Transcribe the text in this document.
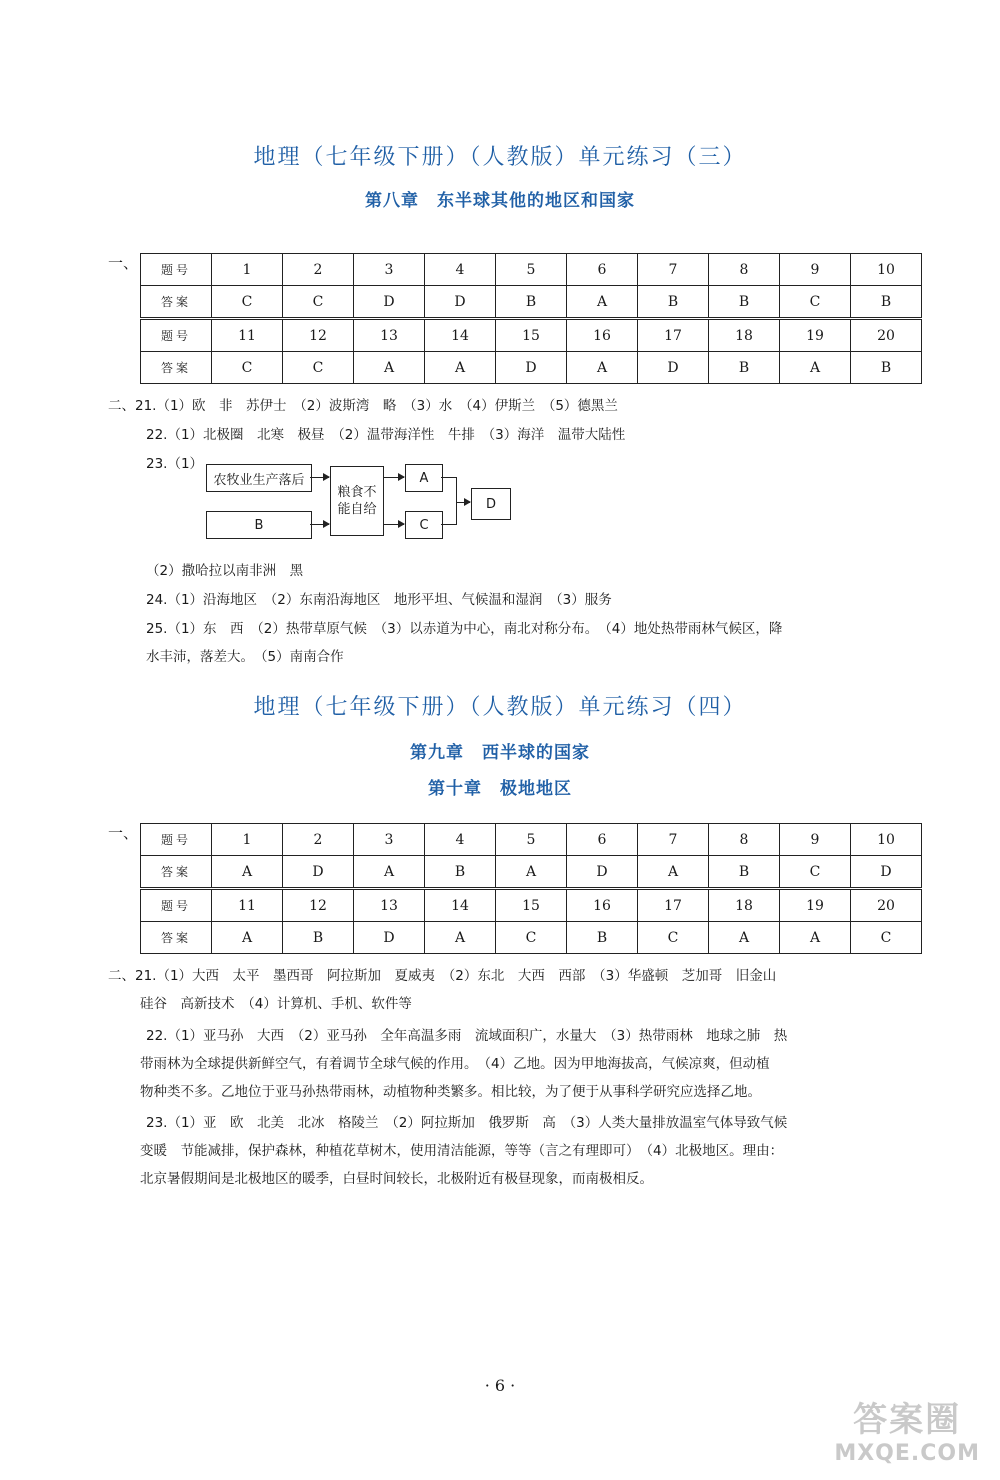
地理（七年级下册）（人教版）单元练习（三）
第八章　东半球其他的地区和国家
一、 题号	1	2	3	4	5	6	7	8	9	10
答案	C	C	D	D	B	A	B	B	C	B
题号	11	12	13	14	15	16	17	18	19	20
答案	C	C	A	A	D	A	D	B	A	B
二、21.（1）欧　非　苏伊士　（2）波斯湾　略　（3）水　（4）伊斯兰　（5）德黑兰
22.（1）北极圈　北寒　极昼　（2）温带海洋性　牛排　（3）海洋　温带大陆性
23.（1）
农牧业生产落后
B
粮食不能自给
A
C
D
（2）撒哈拉以南非洲　黑
24.（1）沿海地区　（2）东南沿海地区　地形平坦、气候温和湿润　（3）服务
25.（1）东　西　（2）热带草原气候　（3）以赤道为中心，南北对称分布。　（4）地处热带雨林气候区，降
水丰沛，落差大。　（5）南南合作
地理（七年级下册）（人教版）单元练习（四）
第九章　西半球的国家
第十章　极地地区
一、 题号	1	2	3	4	5	6	7	8	9	10
答案	A	D	A	B	A	D	A	B	C	D
题号	11	12	13	14	15	16	17	18	19	20
答案	A	B	D	A	C	B	C	A	A	C
二、21.（1）大西　太平　墨西哥　阿拉斯加　夏威夷　（2）东北　大西　西部　（3）华盛顿　芝加哥　旧金山
硅谷　高新技术　（4）计算机、手机、软件等
22.（1）亚马孙　大西　（2）亚马孙　全年高温多雨　流域面积广，水量大　（3）热带雨林　地球之肺　热
带雨林为全球提供新鲜空气，有着调节全球气候的作用。　（4）乙地。因为甲地海拔高，气候凉爽，但动植
物种类不多。乙地位于亚马孙热带雨林，动植物种类繁多。相比较，为了便于从事科学研究应选择乙地。
23.（1）亚　欧　北美　北冰　格陵兰　（2）阿拉斯加　俄罗斯　高　（3）人类大量排放温室气体导致气候
变暖　节能减排，保护森林，种植花草树木，使用清洁能源，等等（言之有理即可）　（4）北极地区。理由：
北京暑假期间是北极地区的暖季，白昼时间较长，北极附近有极昼现象，而南极相反。
· 6 ·
答案圈
MXQE.COM
